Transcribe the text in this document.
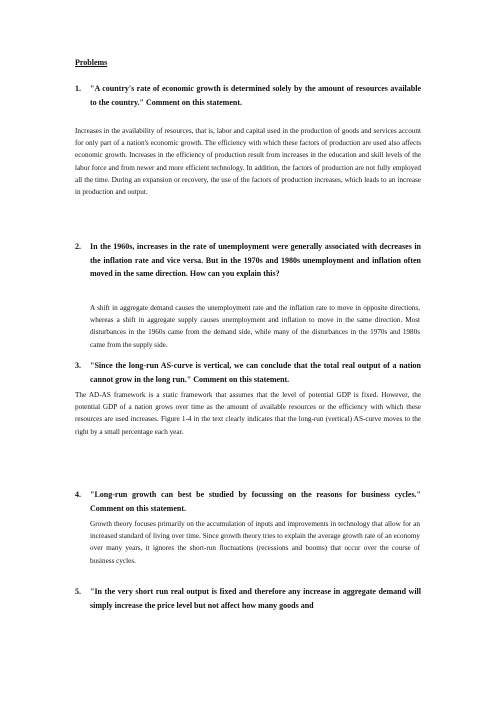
Problems
1. "A country's rate of economic growth is determined solely by the amount of resources available to the country." Comment on this statement.
Increases in the availability of resources, that is, labor and capital used in the production of goods and services account for only part of a nation's economic growth. The efficiency with which these factors of production are used also affects economic growth. Increases in the efficiency of production result from increases in the education and skill levels of the labor force and from newer and more efficient technology. In addition, the factors of production are not fully employed all the time. During an expansion or recovery, the use of the factors of production increases, which leads to an increase in production and output.
2. In the 1960s, increases in the rate of unemployment were generally associated with decreases in the inflation rate and vice versa. But in the 1970s and 1980s unemployment and inflation often moved in the same direction. How can you explain this?
A shift in aggregate demand causes the unemployment rate and the inflation rate to move in opposite directions, whereas a shift in aggregate supply causes unemployment and inflation to move in the same direction. Most disturbances in the 1960s came from the demand side, while many of the disturbances in the 1970s and 1980s came from the supply side.
3. "Since the long-run AS-curve is vertical, we can conclude that the total real output of a nation cannot grow in the long run." Comment on this statement.
The AD-AS framework is a static framework that assumes that the level of potential GDP is fixed. However, the potential GDP of a nation grows over time as the amount of available resources or the efficiency with which these resources are used increases. Figure 1-4 in the text clearly indicates that the long-run (vertical) AS-curve moves to the right by a small percentage each year.
4. "Long-run growth can best be studied by focussing on the reasons for business cycles." Comment on this statement.
Growth theory focuses primarily on the accumulation of inputs and improvements in technology that allow for an increased standard of living over time. Since growth theory tries to explain the average growth rate of an economy over many years, it ignores the short-run fluctuations (recessions and booms) that occur over the course of business cycles.
5. "In the very short run real output is fixed and therefore any increase in aggregate demand will simply increase the price level but not affect how many goods and
